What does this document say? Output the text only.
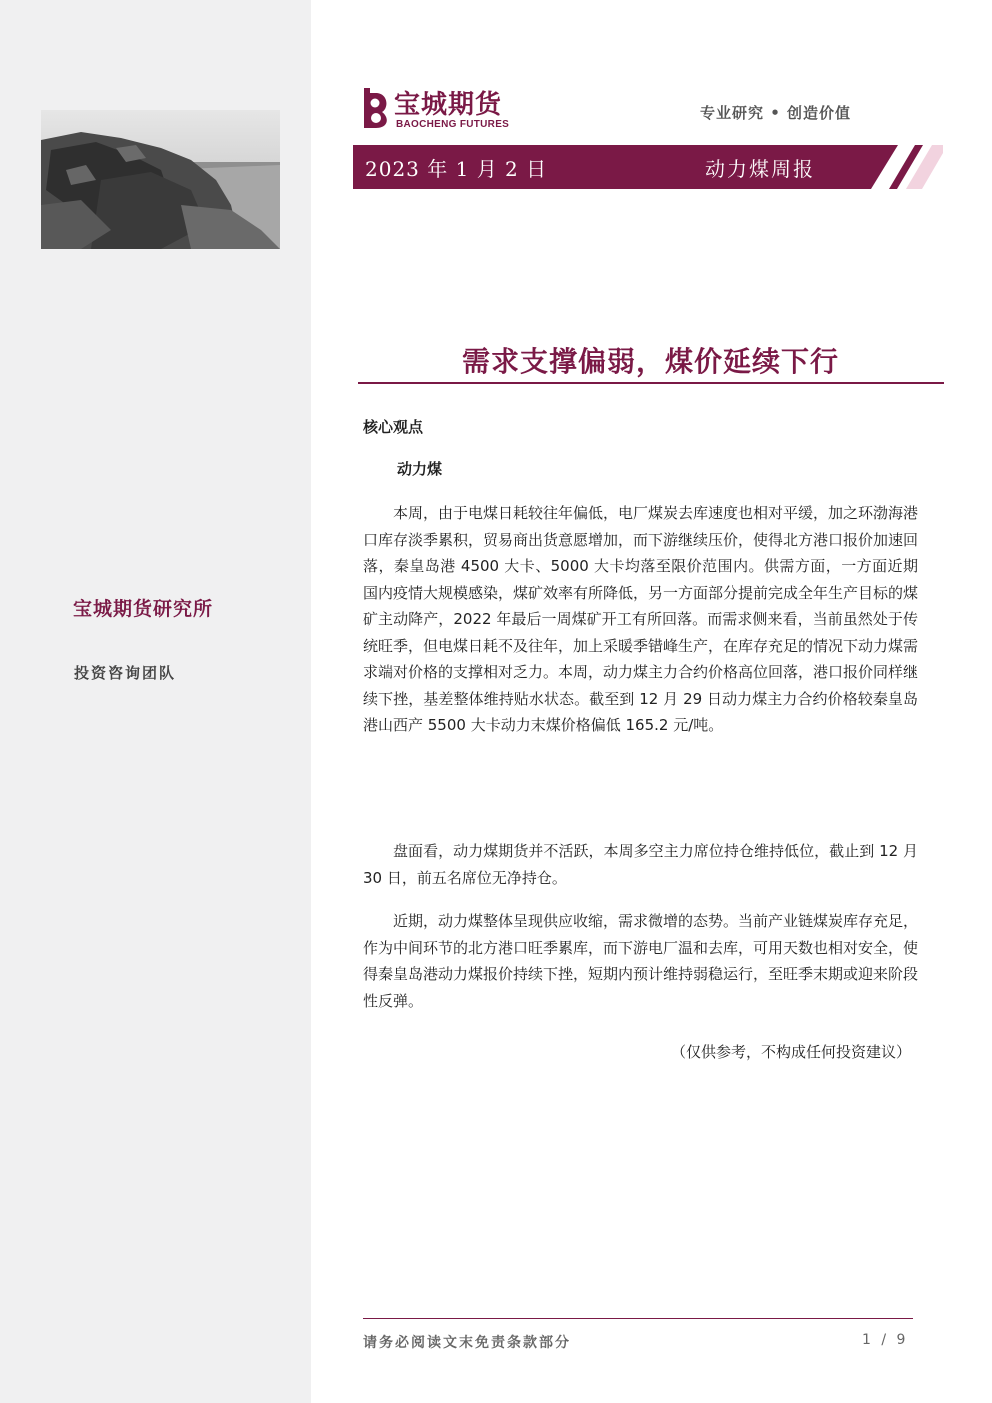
宝城期货研究所
投资咨询团队
宝城期货
BAOCHENG FUTURES
专业研究 • 创造价值
2023 年 1 月 2 日	动力煤周报
需求支撑偏弱，煤价延续下行
核心观点
动力煤

本周，由于电煤日耗较往年偏低，电厂煤炭去库速度也相对平缓，加之环渤海港口库存淡季累积，贸易商出货意愿增加，而下游继续压价，使得北方港口报价加速回落，秦皇岛港 4500 大卡、5000 大卡均落至限价范围内。供需方面，一方面近期国内疫情大规模感染，煤矿效率有所降低，另一方面部分提前完成全年生产目标的煤矿主动降产，2022 年最后一周煤矿开工有所回落。而需求侧来看，当前虽然处于传统旺季，但电煤日耗不及往年，加上采暖季错峰生产，在库存充足的情况下动力煤需求端对价格的支撑相对乏力。本周，动力煤主力合约价格高位回落，港口报价同样继续下挫，基差整体维持贴水状态。截至到 12 月 29 日动力煤主力合约价格较秦皇岛港山西产 5500 大卡动力末煤价格偏低 165.2 元/吨。

盘面看，动力煤期货并不活跃，本周多空主力席位持仓维持低位，截止到 12 月 30 日，前五名席位无净持仓。

近期，动力煤整体呈现供应收缩，需求微增的态势。当前产业链煤炭库存充足，作为中间环节的北方港口旺季累库，而下游电厂温和去库，可用天数也相对安全，使得秦皇岛港动力煤报价持续下挫，短期内预计维持弱稳运行，至旺季末期或迎来阶段性反弹。

（仅供参考，不构成任何投资建议）
请务必阅读文末免责条款部分	1 / 9
